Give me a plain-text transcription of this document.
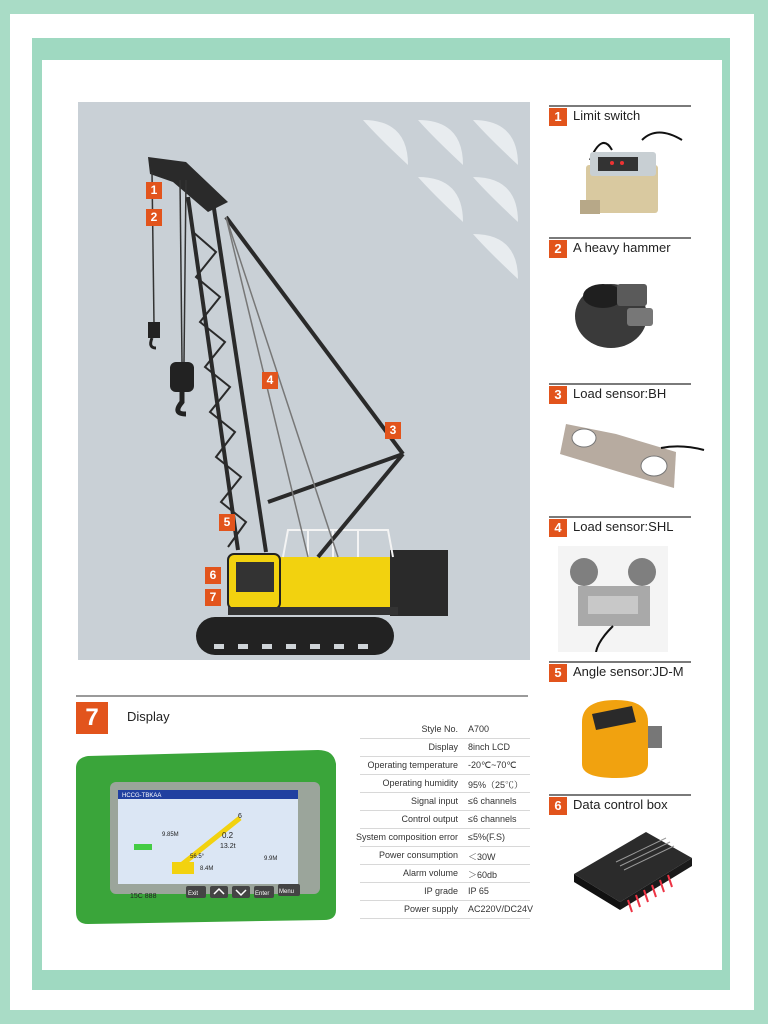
1
2
3
4
5
6
7
1 Limit switch
2 A heavy hammer
3 Load sensor:BH
4 Load sensor:SHL
5 Angle sensor:JD-M
6 Data control box
7	Display
HCCG-TBKAA
9.85M	0.2
13.2t
6
56.5°
8.4M
9.9M
Exit	Enter Menu
15C 888
Style No. A700
Display 8inch LCD
Operating temperature -20℃~70℃
Operating humidity 95%（25℃）
Signal input ≤6 channels
Control output ≤6 channels
System composition error ≤5%(F.S)
Power consumption ＜30W
Alarm volume ＞60db
IP grade IP 65
Power supply AC220V/DC24V
